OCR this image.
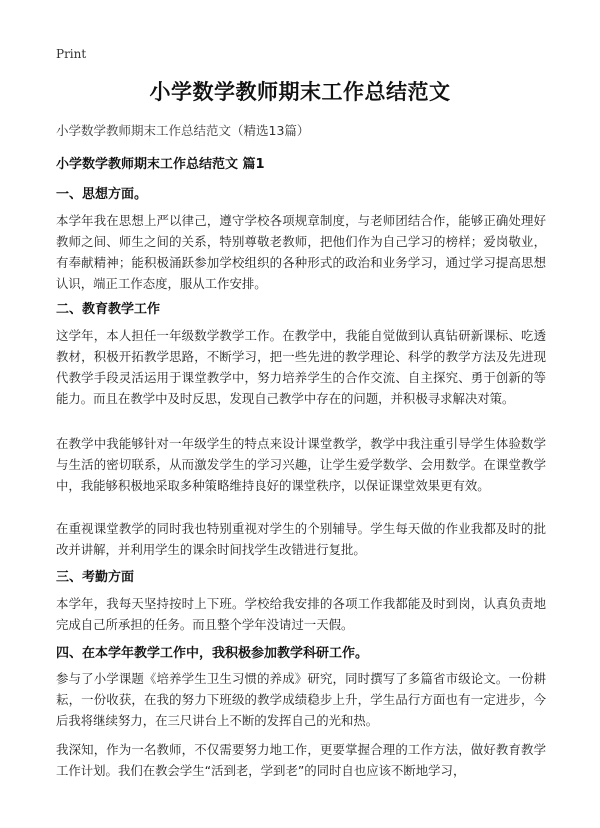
Print
小学数学教师期末工作总结范文
小学数学教师期末工作总结范文（精选13篇）
小学数学教师期末工作总结范文 篇1
一、思想方面。

本学年我在思想上严以律己，遵守学校各项规章制度，与老师团结合作，能够正确处理好教师之间、师生之间的关系，特别尊敬老教师，把他们作为自己学习的榜样；爱岗敬业，有奉献精神；能积极涌跃参加学校组织的各种形式的政治和业务学习，通过学习提高思想认识，端正工作态度，服从工作安排。

二、教育教学工作

这学年，本人担任一年级数学教学工作。在教学中，我能自觉做到认真钻研新课标、吃透教材，积极开拓教学思路，不断学习，把一些先进的教学理论、科学的教学方法及先进现代教学手段灵活运用于课堂教学中，努力培养学生的合作交流、自主探究、勇于创新的等能力。而且在教学中及时反思，发现自己教学中存在的问题，并积极寻求解决对策。

在教学中我能够针对一年级学生的特点来设计课堂教学，教学中我注重引导学生体验数学与生活的密切联系，从而激发学生的学习兴趣，让学生爱学数学、会用数学。在课堂教学中，我能够积极地采取多种策略维持良好的课堂秩序，以保证课堂效果更有效。

在重视课堂教学的同时我也特别重视对学生的个别辅导。学生每天做的作业我都及时的批改并讲解，并利用学生的课余时间找学生改错进行复批。

三、考勤方面

本学年，我每天坚持按时上下班。学校给我安排的各项工作我都能及时到岗，认真负责地完成自己所承担的任务。而且整个学年没请过一天假。

四、在本学年教学工作中，我积极参加教学科研工作。

参与了小学课题《培养学生卫生习惯的养成》研究，同时撰写了多篇省市级论文。一份耕耘，一份收获，在我的努力下班级的教学成绩稳步上升，学生品行方面也有一定进步，今后我将继续努力，在三尺讲台上不断的发挥自己的光和热。

我深知，作为一名教师，不仅需要努力地工作，更要掌握合理的工作方法，做好教育教学工作计划。我们在教会学生“活到老，学到老”的同时自也应该不断地学习，
